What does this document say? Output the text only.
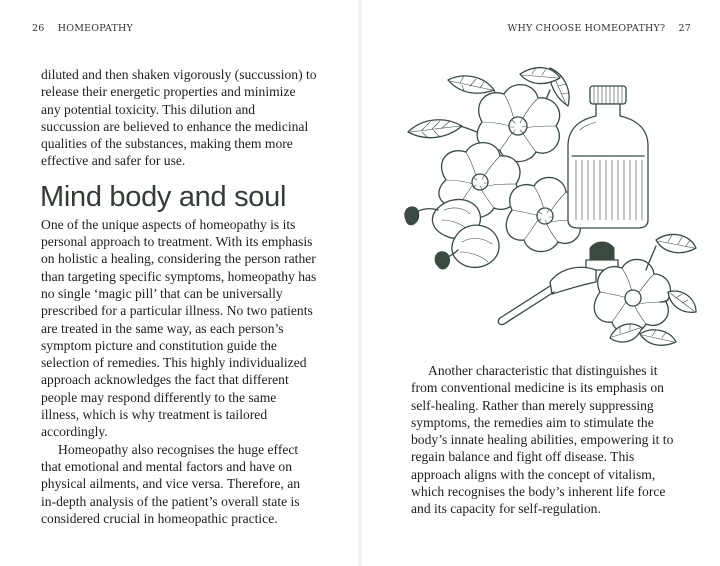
26 HOMEOPATHY	WHY CHOOSE HOMEOPATHY? 27

diluted and then shaken vigorously (succussion) to release their energetic properties and minimize any potential toxicity. This dilution and succussion are believed to enhance the medicinal qualities of the substances, making them more effective and safer for use.

Mind body and soul

One of the unique aspects of homeopathy is its personal approach to treatment. With its emphasis on holistic a healing, considering the person rather than targeting specific symptoms, homeopathy has no single ‘magic pill’ that can be universally prescribed for a particular illness. No two patients are treated in the same way, as each person’s symptom picture and constitution guide the selection of remedies. This highly individualized approach acknowledges the fact that different people may respond differently to the same illness, which is why treatment is tailored accordingly.

Homeopathy also recognises the huge effect that emotional and mental factors and have on physical ailments, and vice versa. Therefore, an in-depth analysis of the patient’s overall state is considered crucial in homeopathic practice.

Another characteristic that distinguishes it from conventional medicine is its emphasis on self-healing. Rather than merely suppressing symptoms, the remedies aim to stimulate the body’s innate healing abilities, empowering it to regain balance and fight off disease. This approach aligns with the concept of vitalism, which recognises the body’s inherent life force and its capacity for self-regulation.
